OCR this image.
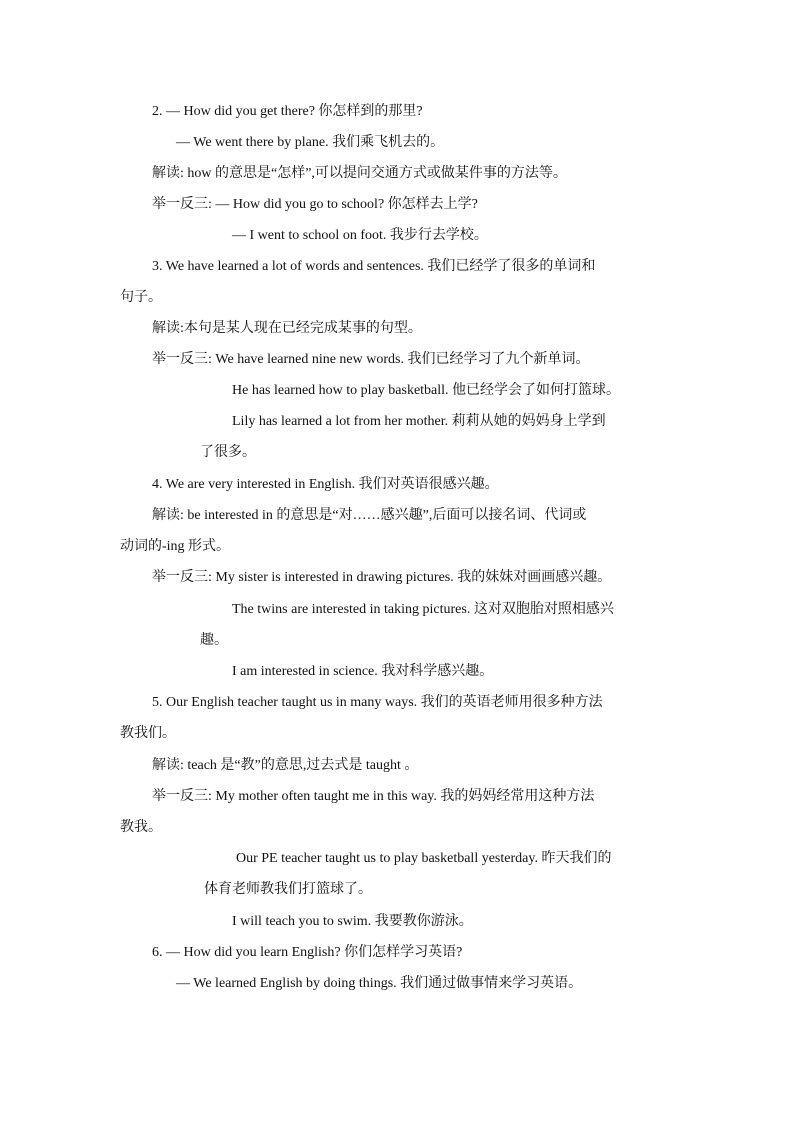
2. — How did you get there? 你怎样到的那里?
— We went there by plane. 我们乘飞机去的。
解读: how 的意思是“怎样”,可以提问交通方式或做某件事的方法等。
举一反三: — How did you go to school? 你怎样去上学?
— I went to school on foot. 我步行去学校。
3. We have learned a lot of words and sentences. 我们已经学了很多的单词和
句子。
解读:本句是某人现在已经完成某事的句型。
举一反三: We have learned nine new words. 我们已经学习了九个新单词。
He has learned how to play basketball. 他已经学会了如何打篮球。
Lily has learned a lot from her mother. 莉莉从她的妈妈身上学到
了很多。
4. We are very interested in English. 我们对英语很感兴趣。
解读: be interested in 的意思是“对……感兴趣”,后面可以接名词、代词或
动词的-ing 形式。
举一反三: My sister is interested in drawing pictures. 我的妹妹对画画感兴趣。
The twins are interested in taking pictures. 这对双胞胎对照相感兴
趣。
I am interested in science. 我对科学感兴趣。
5. Our English teacher taught us in many ways. 我们的英语老师用很多种方法
教我们。
解读: teach 是“教”的意思,过去式是 taught 。
举一反三: My mother often taught me in this way. 我的妈妈经常用这种方法
教我。
Our PE teacher taught us to play basketball yesterday. 昨天我们的
体育老师教我们打篮球了。
I will teach you to swim. 我要教你游泳。
6. — How did you learn English? 你们怎样学习英语?
— We learned English by doing things. 我们通过做事情来学习英语。
